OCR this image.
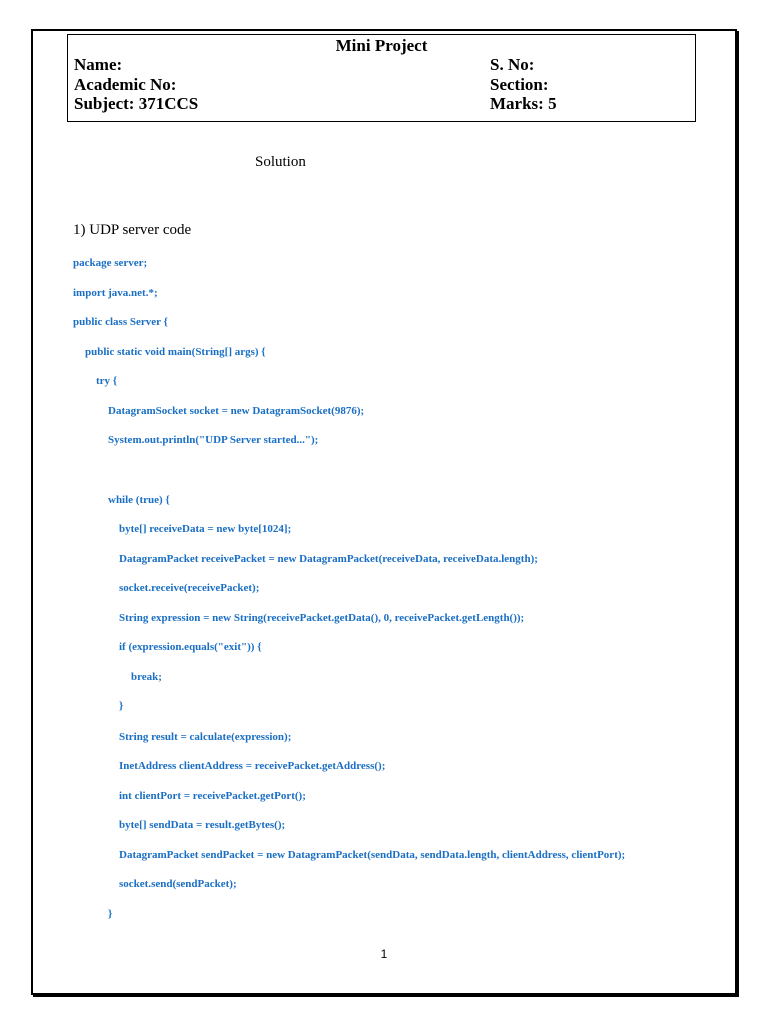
Mini Project
Name:
Academic No:
Subject: 371CCS
S. No:
Section:
Marks: 5
Solution
1) UDP server code
package server;
import java.net.*;
public class Server {
public static void main(String[] args) {
try {
DatagramSocket socket = new DatagramSocket(9876);
System.out.println("UDP Server started...");
while (true) {
byte[] receiveData = new byte[1024];
DatagramPacket receivePacket = new DatagramPacket(receiveData, receiveData.length);
socket.receive(receivePacket);
String expression = new String(receivePacket.getData(), 0, receivePacket.getLength());
if (expression.equals("exit")) {
break;
}
String result = calculate(expression);
InetAddress clientAddress = receivePacket.getAddress();
int clientPort = receivePacket.getPort();
byte[] sendData = result.getBytes();
DatagramPacket sendPacket = new DatagramPacket(sendData, sendData.length, clientAddress, clientPort);
socket.send(sendPacket);
}
1
